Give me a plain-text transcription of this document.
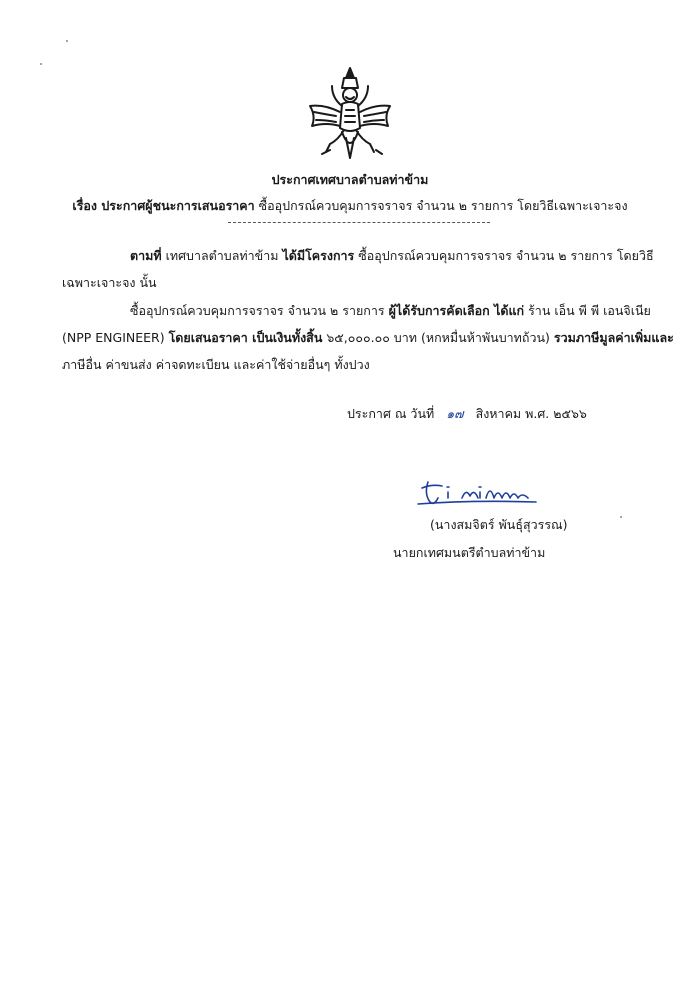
ประกาศเทศบาลตำบลท่าข้าม
เรื่อง ประกาศผู้ชนะการเสนอราคา ซื้ออุปกรณ์ควบคุมการจราจร จำนวน ๒ รายการ โดยวิธีเฉพาะเจาะจง
ตามที่ เทศบาลตำบลท่าข้าม ได้มีโครงการ ซื้ออุปกรณ์ควบคุมการจราจร จำนวน ๒ รายการ โดยวิธี
เฉพาะเจาะจง นั้น
ซื้ออุปกรณ์ควบคุมการจราจร จำนวน ๒ รายการ ผู้ได้รับการคัดเลือก ได้แก่ ร้าน เอ็น พี พี เอนจิเนีย
(NPP ENGINEER) โดยเสนอราคา เป็นเงินทั้งสิ้น ๖๕,๐๐๐.๐๐ บาท (หกหมื่นห้าพันบาทถ้วน) รวมภาษีมูลค่าเพิ่มและ
ภาษีอื่น ค่าขนส่ง ค่าจดทะเบียน และค่าใช้จ่ายอื่นๆ ทั้งปวง
ประกาศ ณ วันที่ ๑๗ สิงหาคม พ.ศ. ๒๕๖๖
(นางสมจิตร์ พันธุ์สุวรรณ)
นายกเทศมนตรีตำบลท่าข้าม
